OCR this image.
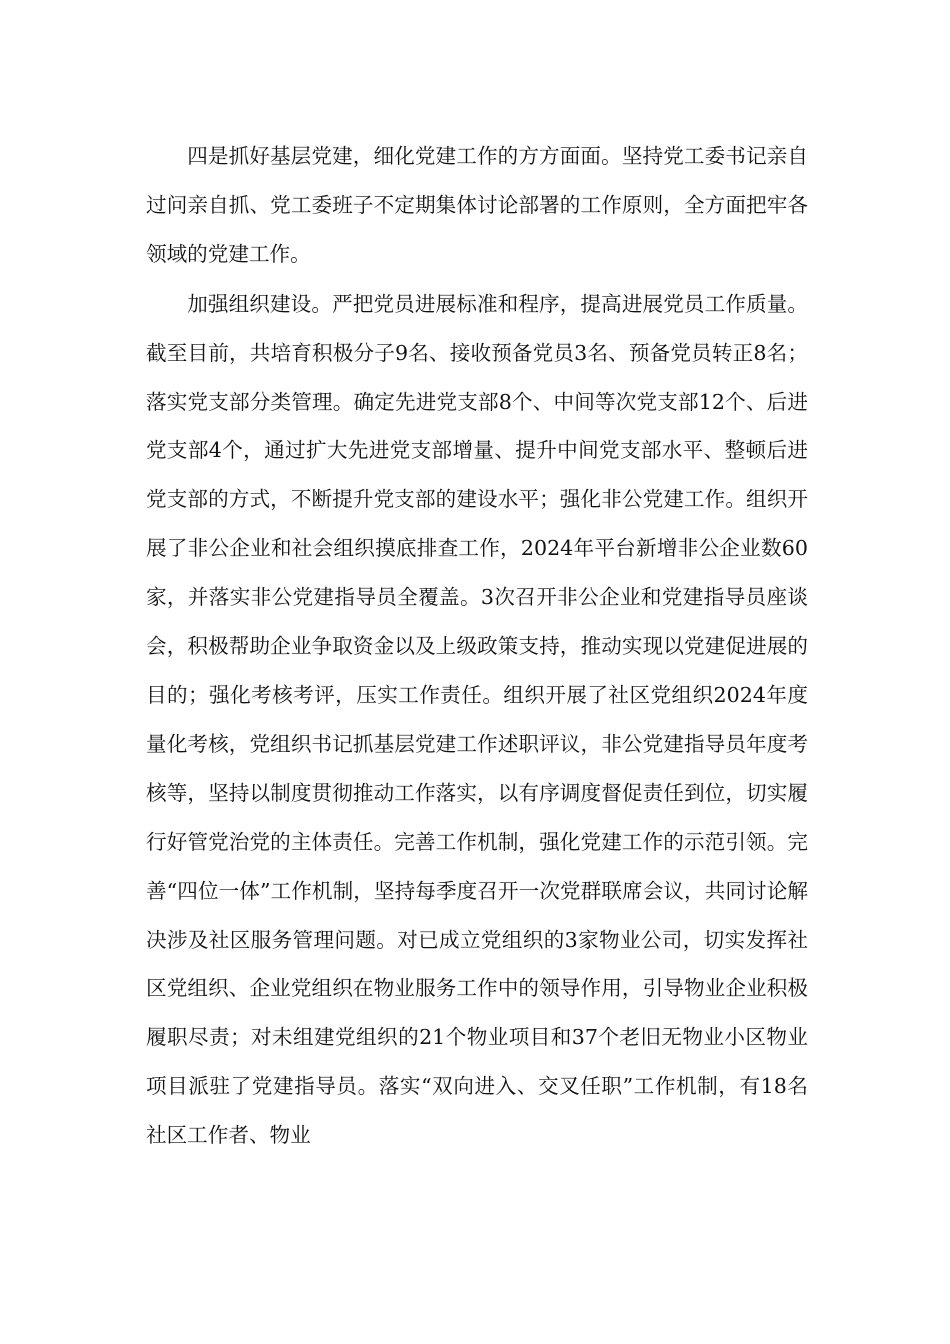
四是抓好基层党建，细化党建工作的方方面面。坚持党工委书记亲自过问亲自抓、党工委班子不定期集体讨论部署的工作原则，全方面把牢各领域的党建工作。

加强组织建设。严把党员进展标准和程序，提高进展党员工作质量。截至目前，共培育积极分子9名、接收预备党员3名、预备党员转正8名；落实党支部分类管理。确定先进党支部8个、中间等次党支部12个、后进党支部4个，通过扩大先进党支部增量、提升中间党支部水平、整顿后进党支部的方式，不断提升党支部的建设水平；强化非公党建工作。组织开展了非公企业和社会组织摸底排查工作，2024年平台新增非公企业数60家，并落实非公党建指导员全覆盖。3次召开非公企业和党建指导员座谈会，积极帮助企业争取资金以及上级政策支持，推动实现以党建促进展的目的；强化考核考评，压实工作责任。组织开展了社区党组织2024年度量化考核，党组织书记抓基层党建工作述职评议，非公党建指导员年度考核等，坚持以制度贯彻推动工作落实，以有序调度督促责任到位，切实履行好管党治党的主体责任。完善工作机制，强化党建工作的示范引领。完善“四位一体”工作机制，坚持每季度召开一次党群联席会议，共同讨论解决涉及社区服务管理问题。对已成立党组织的3家物业公司，切实发挥社区党组织、企业党组织在物业服务工作中的领导作用，引导物业企业积极履职尽责；对未组建党组织的21个物业项目和37个老旧无物业小区物业项目派驻了党建指导员。落实“双向进入、交叉任职”工作机制，有18名社区工作者、物业
